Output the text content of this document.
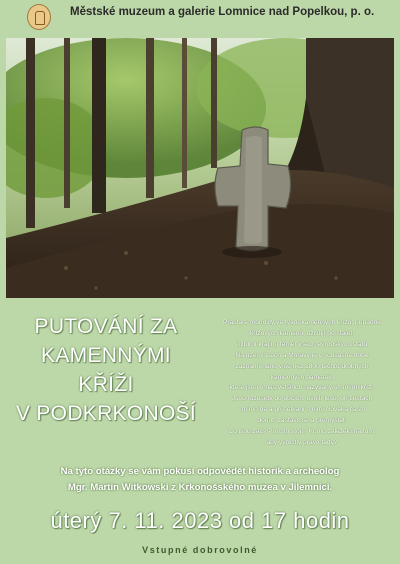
Městské muzeum a galerie Lomnice nad Popelkou, p. o.
PUTOVÁNÍ ZA
KAMENNÝMI
KŘÍŽI
V PODKRKONOŠÍ
Prastaré monolity ve tvaru kamenných křížů, případně
křížových kamenů, oživují po staletí
kulturní krajinu téměř všech evropských států.
Na území Čech a Moravy je v současné době
zaznamenáno více než 2800 těchto drobných
kamenných památek,
které jsou u nás většinou nazývány smírčími kříži.
Jsou rozesety po obcích, uvnitř lesů, při cestách
i mimo ně a při setkání s nimi člověka často
donutí zastavit se a přemýšlet:
Co jsou zač? Proč tu stojí? Komu záleželo na tom,
aby vyrostly právě tady?
Na tyto otázky se vám pokusí odpovědět historik a archeolog
Mgr. Martin Witkowski z Krkonošského muzea v Jilemnici.
úterý 7. 11. 2023 od 17 hodin
Vstupné dobrovolné
